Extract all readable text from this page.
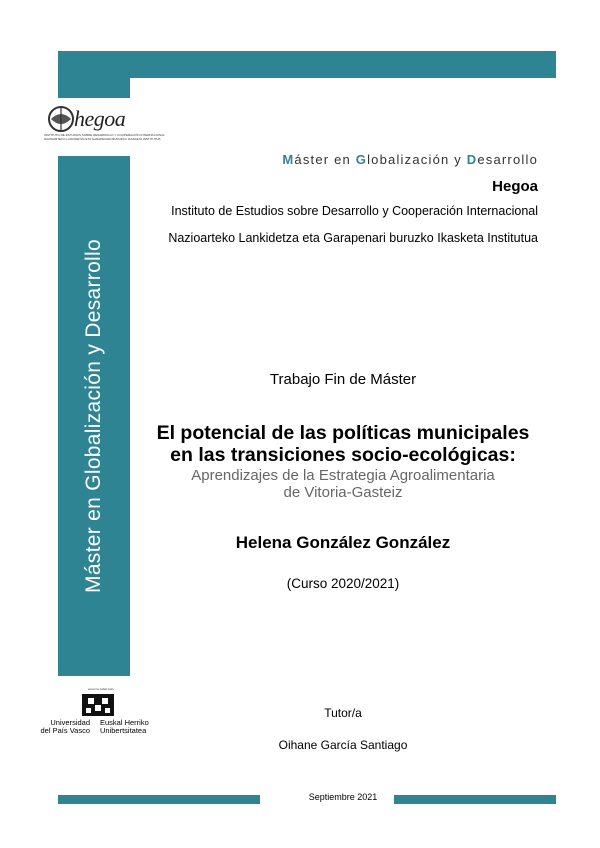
hegoa
INSTITUTO DE ESTUDIOS SOBRE DESARROLLO Y COOPERACIÓN INTERNACIONAL
NAZIOARTEKO LANKIDETZA ETA GARAPENARI BURUZKO IKASKETA INSTITUTUA
Máster en Globalización y Desarrollo
Hegoa
Instituto de Estudios sobre Desarrollo y Cooperación Internacional
Nazioarteko Lankidetza eta Garapenari buruzko Ikasketa Institutua
Máster en Globalización y Desarrollo	Trabajo Fin de Máster
El potencial de las políticas municipales
en las transiciones socio-ecológicas:
Aprendizajes de la Estrategia Agroalimentaria
de Vitoria-Gasteiz
Helena González González
(Curso 2020/2021)
eman ta zabal zazu
Universidad
del País Vasco
Euskal Herriko
Unibertsitatea
Tutor/a
Oihane García Santiago
Septiembre 2021
